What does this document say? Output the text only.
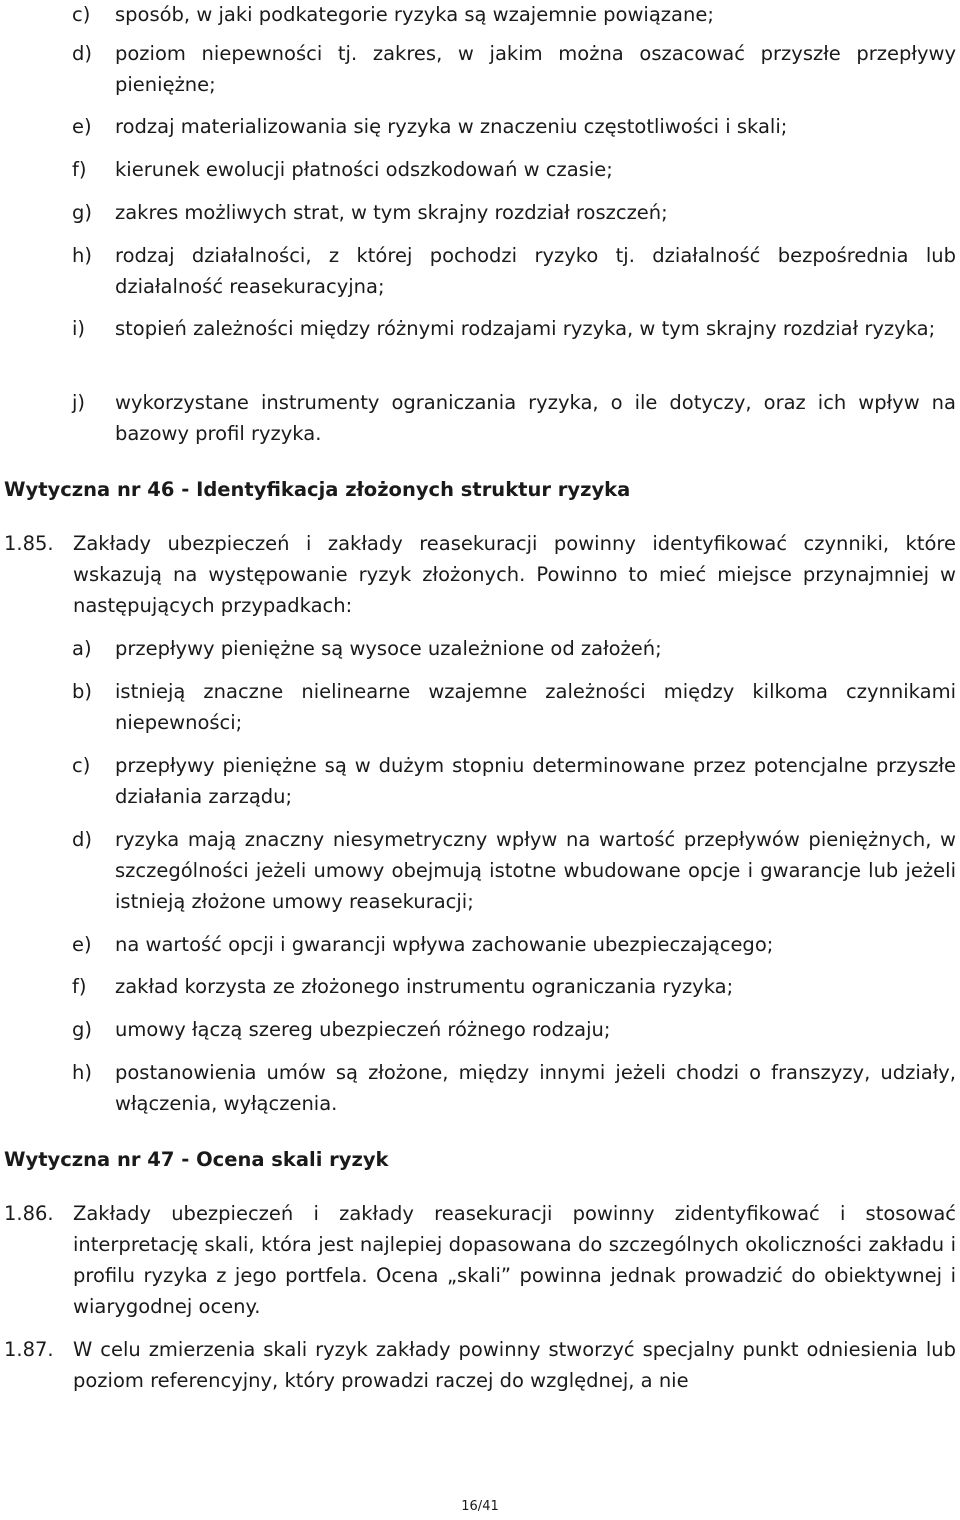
c) sposób, w jaki podkategorie ryzyka są wzajemnie powiązane;
d) poziom niepewności tj. zakres, w jakim można oszacować przyszłe przepływy pieniężne;
e) rodzaj materializowania się ryzyka w znaczeniu częstotliwości i skali;
f) kierunek ewolucji płatności odszkodowań w czasie;
g) zakres możliwych strat, w tym skrajny rozdział roszczeń;
h) rodzaj działalności, z której pochodzi ryzyko tj. działalność bezpośrednia lub działalność reasekuracyjna;
i) stopień zależności między różnymi rodzajami ryzyka, w tym skrajny rozdział ryzyka;
j) wykorzystane instrumenty ograniczania ryzyka, o ile dotyczy, oraz ich wpływ na bazowy profil ryzyka.
Wytyczna nr 46 - Identyfikacja złożonych struktur ryzyka
1.85. Zakłady ubezpieczeń i zakłady reasekuracji powinny identyfikować czynniki, które wskazują na występowanie ryzyk złożonych. Powinno to mieć miejsce przynajmniej w następujących przypadkach:
a) przepływy pieniężne są wysoce uzależnione od założeń;
b) istnieją znaczne nielinearne wzajemne zależności między kilkoma czynnikami niepewności;
c) przepływy pieniężne są w dużym stopniu determinowane przez potencjalne przyszłe działania zarządu;
d) ryzyka mają znaczny niesymetryczny wpływ na wartość przepływów pieniężnych, w szczególności jeżeli umowy obejmują istotne wbudowane opcje i gwarancje lub jeżeli istnieją złożone umowy reasekuracji;
e) na wartość opcji i gwarancji wpływa zachowanie ubezpieczającego;
f) zakład korzysta ze złożonego instrumentu ograniczania ryzyka;
g) umowy łączą szereg ubezpieczeń różnego rodzaju;
h) postanowienia umów są złożone, między innymi jeżeli chodzi o franszyzy, udziały, włączenia, wyłączenia.
Wytyczna nr 47 - Ocena skali ryzyk
1.86. Zakłady ubezpieczeń i zakłady reasekuracji powinny zidentyfikować i stosować interpretację skali, która jest najlepiej dopasowana do szczególnych okoliczności zakładu i profilu ryzyka z jego portfela. Ocena „skali” powinna jednak prowadzić do obiektywnej i wiarygodnej oceny.
1.87. W celu zmierzenia skali ryzyk zakłady powinny stworzyć specjalny punkt odniesienia lub poziom referencyjny, który prowadzi raczej do względnej, a nie
16/41
